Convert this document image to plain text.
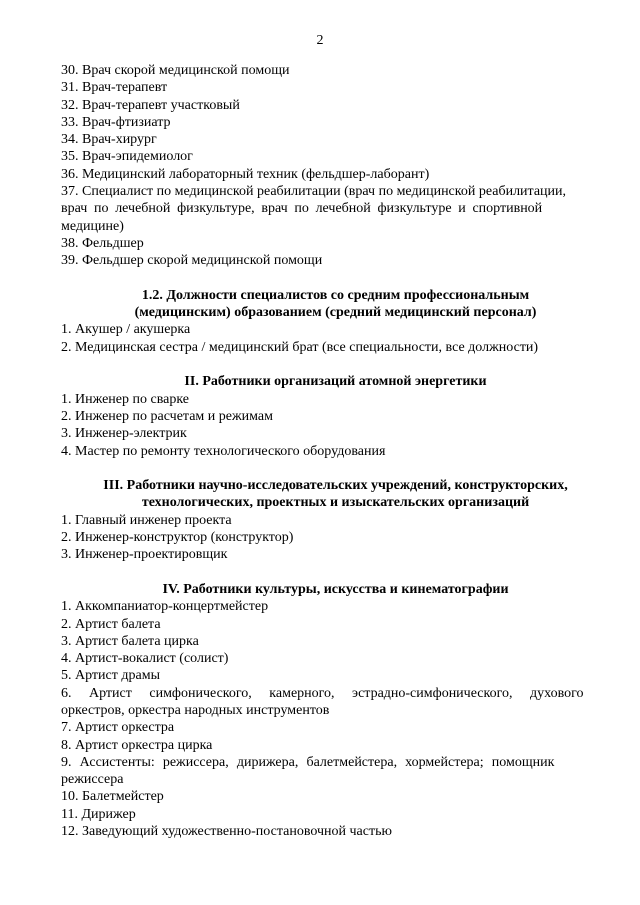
2
30. Врач скорой медицинской помощи
31. Врач-терапевт
32. Врач-терапевт участковый
33. Врач-фтизиатр
34. Врач-хирург
35. Врач-эпидемиолог
36. Медицинский лабораторный техник (фельдшер-лаборант)
37. Специалист по медицинской реабилитации (врач по медицинской реабилитации,
врач по лечебной физкультуре, врач по лечебной физкультуре и спортивной
медицине)
38. Фельдшер
39. Фельдшер скорой медицинской помощи
1.2. Должности специалистов со средним профессиональным
(медицинским) образованием (средний медицинский персонал)
1. Акушер / акушерка
2. Медицинская сестра / медицинский брат (все специальности, все должности)
II. Работники организаций атомной энергетики
1. Инженер по сварке
2. Инженер по расчетам и режимам
3. Инженер-электрик
4. Мастер по ремонту технологического оборудования
III. Работники научно-исследовательских учреждений, конструкторских,
технологических, проектных и изыскательских организаций
1. Главный инженер проекта
2. Инженер-конструктор (конструктор)
3. Инженер-проектировщик
IV. Работники культуры, искусства и кинематографии
1. Аккомпаниатор-концертмейстер
2. Артист балета
3. Артист балета цирка
4. Артист-вокалист (солист)
5. Артист драмы
6. Артист симфонического, камерного, эстрадно-симфонического, духового
оркестров, оркестра народных инструментов
7. Артист оркестра
8. Артист оркестра цирка
9. Ассистенты: режиссера, дирижера, балетмейстера, хормейстера; помощник
режиссера
10. Балетмейстер
11. Дирижер
12. Заведующий художественно-постановочной частью
